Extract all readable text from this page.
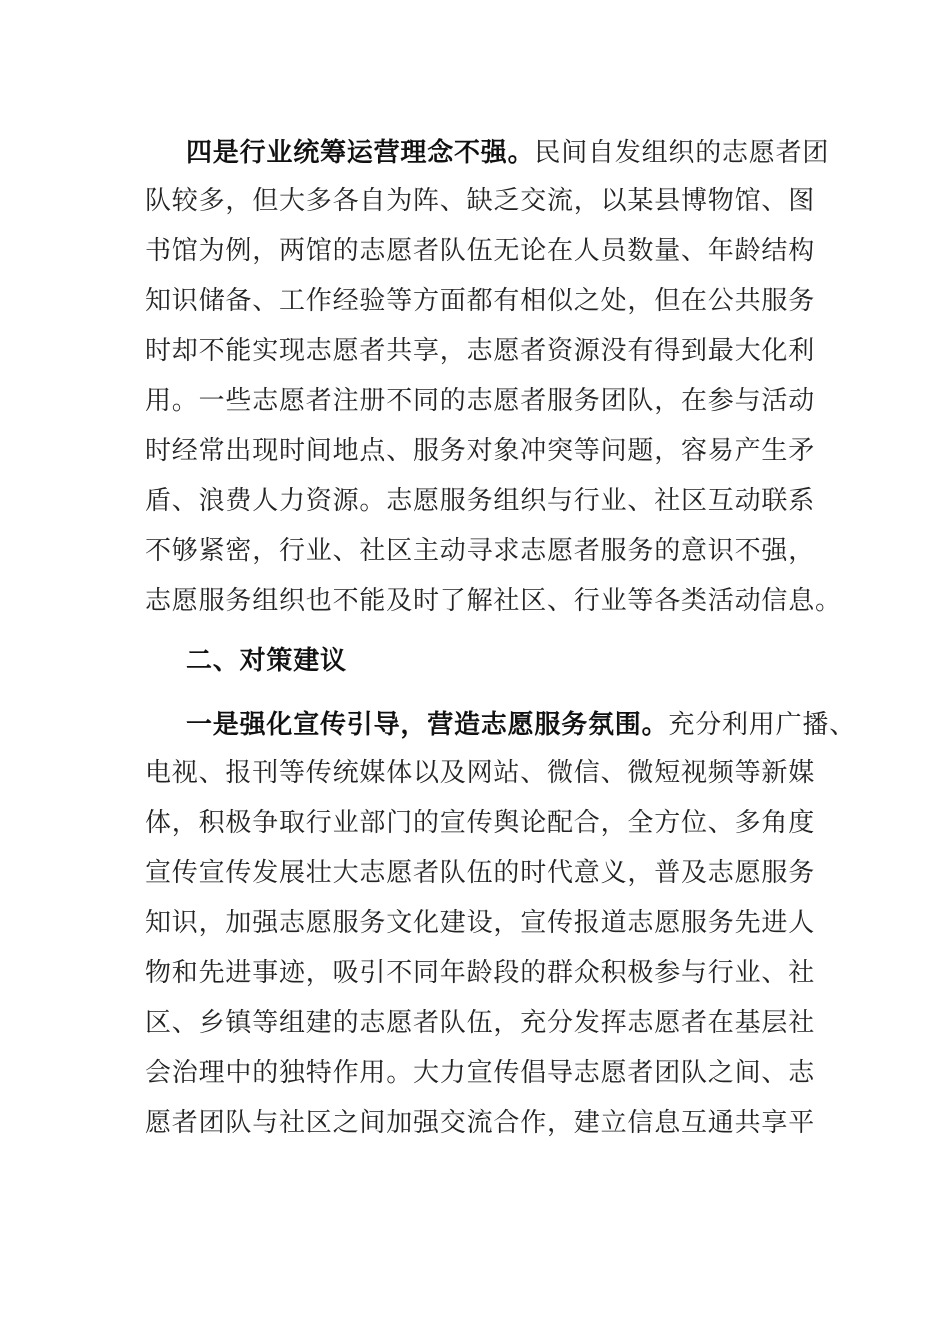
四是行业统筹运营理念不强。民间自发组织的志愿者团
队较多，但大多各自为阵、缺乏交流，以某县博物馆、图
书馆为例，两馆的志愿者队伍无论在人员数量、年龄结构
知识储备、工作经验等方面都有相似之处，但在公共服务
时却不能实现志愿者共享，志愿者资源没有得到最大化利
用。一些志愿者注册不同的志愿者服务团队，在参与活动
时经常出现时间地点、服务对象冲突等问题，容易产生矛
盾、浪费人力资源。志愿服务组织与行业、社区互动联系
不够紧密，行业、社区主动寻求志愿者服务的意识不强，
志愿服务组织也不能及时了解社区、行业等各类活动信息。
二、对策建议
一是强化宣传引导，营造志愿服务氛围。充分利用广播、
电视、报刊等传统媒体以及网站、微信、微短视频等新媒
体，积极争取行业部门的宣传舆论配合，全方位、多角度
宣传宣传发展壮大志愿者队伍的时代意义，普及志愿服务
知识，加强志愿服务文化建设，宣传报道志愿服务先进人
物和先进事迹，吸引不同年龄段的群众积极参与行业、社
区、乡镇等组建的志愿者队伍，充分发挥志愿者在基层社
会治理中的独特作用。大力宣传倡导志愿者团队之间、志
愿者团队与社区之间加强交流合作，建立信息互通共享平
